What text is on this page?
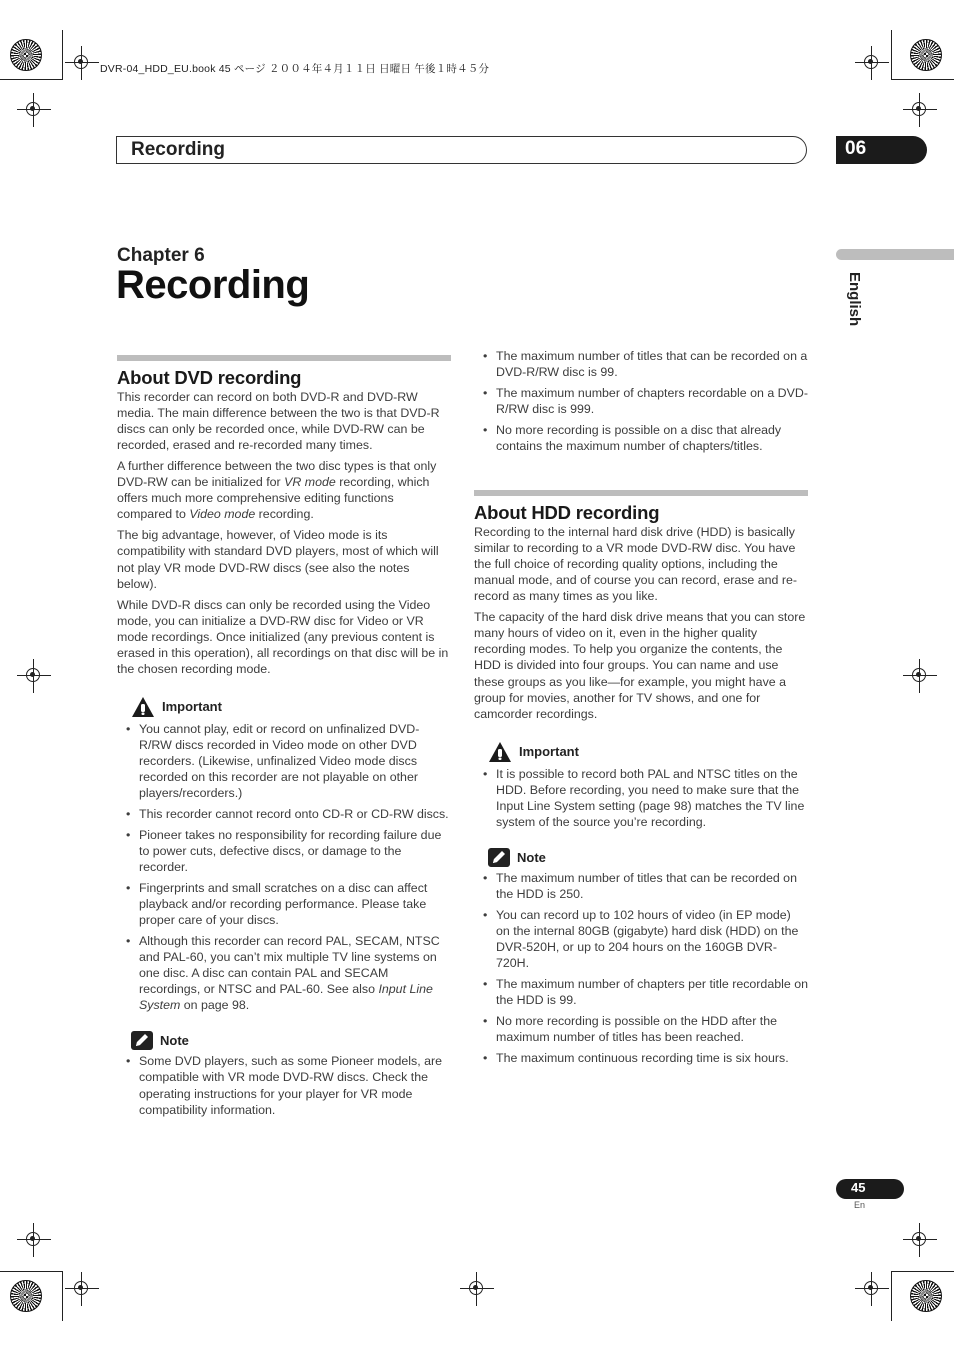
DVR-04_HDD_EU.book 45 ページ ２００４年４月１１日 日曜日 午後１時４５分
Recording	06
English
Chapter 6
Recording
About DVD recording

This recorder can record on both DVD-R and DVD-RW media. The main difference between the two is that DVD-R discs can only be recorded once, while DVD-RW can be recorded, erased and re-recorded many times.

A further difference between the two disc types is that only DVD-RW can be initialized for VR mode recording, which offers much more comprehensive editing functions compared to Video mode recording.

The big advantage, however, of Video mode is its compatibility with standard DVD players, most of which will not play VR mode DVD-RW discs (see also the notes below).

While DVD-R discs can only be recorded using the Video mode, you can initialize a DVD-RW disc for Video or VR mode recordings. Once initialized (any previous content is erased in this operation), all recordings on that disc will be in the chosen recording mode.

Important
• You cannot play, edit or record on unfinalized DVD-R/RW discs recorded in Video mode on other DVD recorders. (Likewise, unfinalized Video mode discs recorded on this recorder are not playable on other players/recorders.)
• This recorder cannot record onto CD-R or CD-RW discs.
• Pioneer takes no responsibility for recording failure due to power cuts, defective discs, or damage to the recorder.
• Fingerprints and small scratches on a disc can affect playback and/or recording performance. Please take proper care of your discs.
• Although this recorder can record PAL, SECAM, NTSC and PAL-60, you can’t mix multiple TV line systems on one disc. A disc can contain PAL and SECAM recordings, or NTSC and PAL-60. See also Input Line System on page 98.
Note
• Some DVD players, such as some Pioneer models, are compatible with VR mode DVD-RW discs. Check the operating instructions for your player for VR mode compatibility information.
• The maximum number of titles that can be recorded on a DVD-R/RW disc is 99.
• The maximum number of chapters recordable on a DVD-R/RW disc is 999.
• No more recording is possible on a disc that already contains the maximum number of chapters/titles.
About HDD recording

Recording to the internal hard disk drive (HDD) is basically similar to recording to a VR mode DVD-RW disc. You have the full choice of recording quality options, including the manual mode, and of course you can record, erase and re-record as many times as you like.

The capacity of the hard disk drive means that you can store many hours of video on it, even in the higher quality recording modes. To help you organize the contents, the HDD is divided into four groups. You can name and use these groups as you like—for example, you might have a group for movies, another for TV shows, and one for camcorder recordings.

Important
• It is possible to record both PAL and NTSC titles on the HDD. Before recording, you need to make sure that the Input Line System setting (page 98) matches the TV line system of the source you’re recording.
Note
• The maximum number of titles that can be recorded on the HDD is 250.
• You can record up to 102 hours of video (in EP mode) on the internal 80GB (gigabyte) hard disk (HDD) on the DVR-520H, or up to 204 hours on the 160GB DVR-720H.
• The maximum number of chapters per title recordable on the HDD is 99.
• No more recording is possible on the HDD after the maximum number of titles has been reached.
• The maximum continuous recording time is six hours.
45
En
